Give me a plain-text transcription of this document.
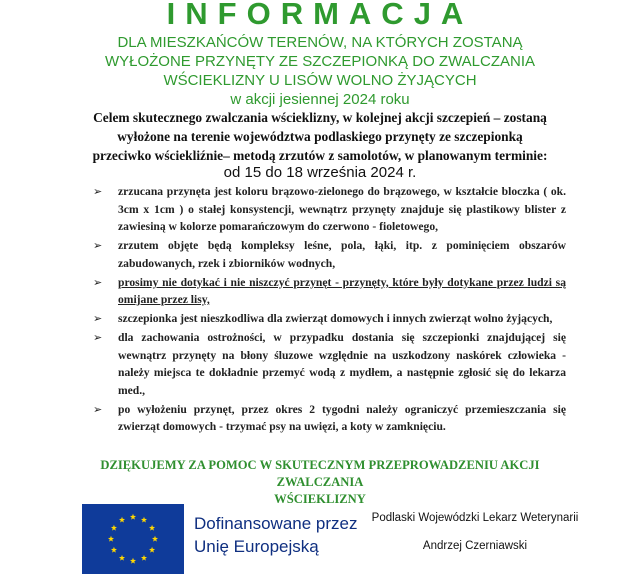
INFORMACJA
DLA MIESZKAŃCÓW TERENÓW, NA KTÓRYCH ZOSTANĄ
WYŁOŻONE PRZYNĘTY ZE SZCZEPIONKĄ DO ZWALCZANIA
WŚCIEKLIZNY U LISÓW WOLNO ŻYJĄCYCH
w akcji jesiennej 2024 roku
Celem skutecznego zwalczania wścieklizny, w kolejnej akcji szczepień – zostaną
wyłożone na terenie województwa podlaskiego przynęty ze szczepionką
przeciwko wściekliźnie– metodą zrzutów z samolotów, w planowanym terminie:
od 15 do 18 września 2024 r.
➢ zrzucana przynęta jest koloru brązowo-zielonego do brązowego, w kształcie bloczka ( ok. 3cm x 1cm ) o stałej konsystencji, wewnątrz przynęty znajduje się plastikowy blister z zawiesiną w kolorze pomarańczowym do czerwono - fioletowego,
➢ zrzutem objęte będą kompleksy leśne, pola, łąki, itp. z pominięciem obszarów zabudowanych, rzek i zbiorników wodnych,
➢ prosimy nie dotykać i nie niszczyć przynęt - przynęty, które były dotykane przez ludzi są omijane przez lisy,
➢ szczepionka jest nieszkodliwa dla zwierząt domowych i innych zwierząt wolno żyjących,
➢ dla zachowania ostrożności, w przypadku dostania się szczepionki znajdującej się wewnątrz przynęty na błony śluzowe względnie na uszkodzony naskórek człowieka - należy miejsca te dokładnie przemyć wodą z mydłem, a następnie zgłosić się do lekarza med.,
➢ po wyłożeniu przynęt, przez okres 2 tygodni należy ograniczyć przemieszczania się zwierząt domowych - trzymać psy na uwięzi, a koty w zamknięciu.
DZIĘKUJEMY ZA POMOC W SKUTECZNYM PRZEPROWADZENIU AKCJI ZWALCZANIA
WŚCIEKLIZNY
Dofinansowane przez
Unię Europejską
Podlaski Wojewódzki Lekarz Weterynarii
Andrzej Czerniawski
